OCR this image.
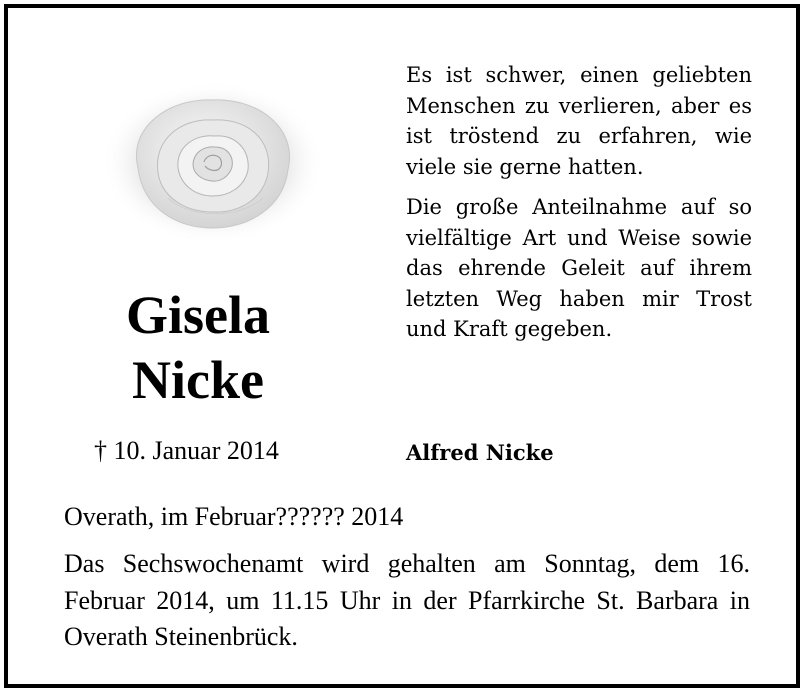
Gisela
Nicke
† 10. Januar 2014

Es ist schwer, einen geliebten Menschen zu verlieren, aber es ist tröstend zu erfahren, wie viele sie gerne hatten.

Die große Anteilnahme auf so vielfältige Art und Weise sowie das ehrende Geleit auf ihrem letzten Weg haben mir Trost und Kraft gegeben.

Alfred Nicke
Overath, im Februar?????? 2014

Das Sechswochenamt wird gehalten am Sonntag, dem 16. Februar 2014, um 11.15 Uhr in der Pfarrkirche St. Barbara in Overath Steinenbrück.
